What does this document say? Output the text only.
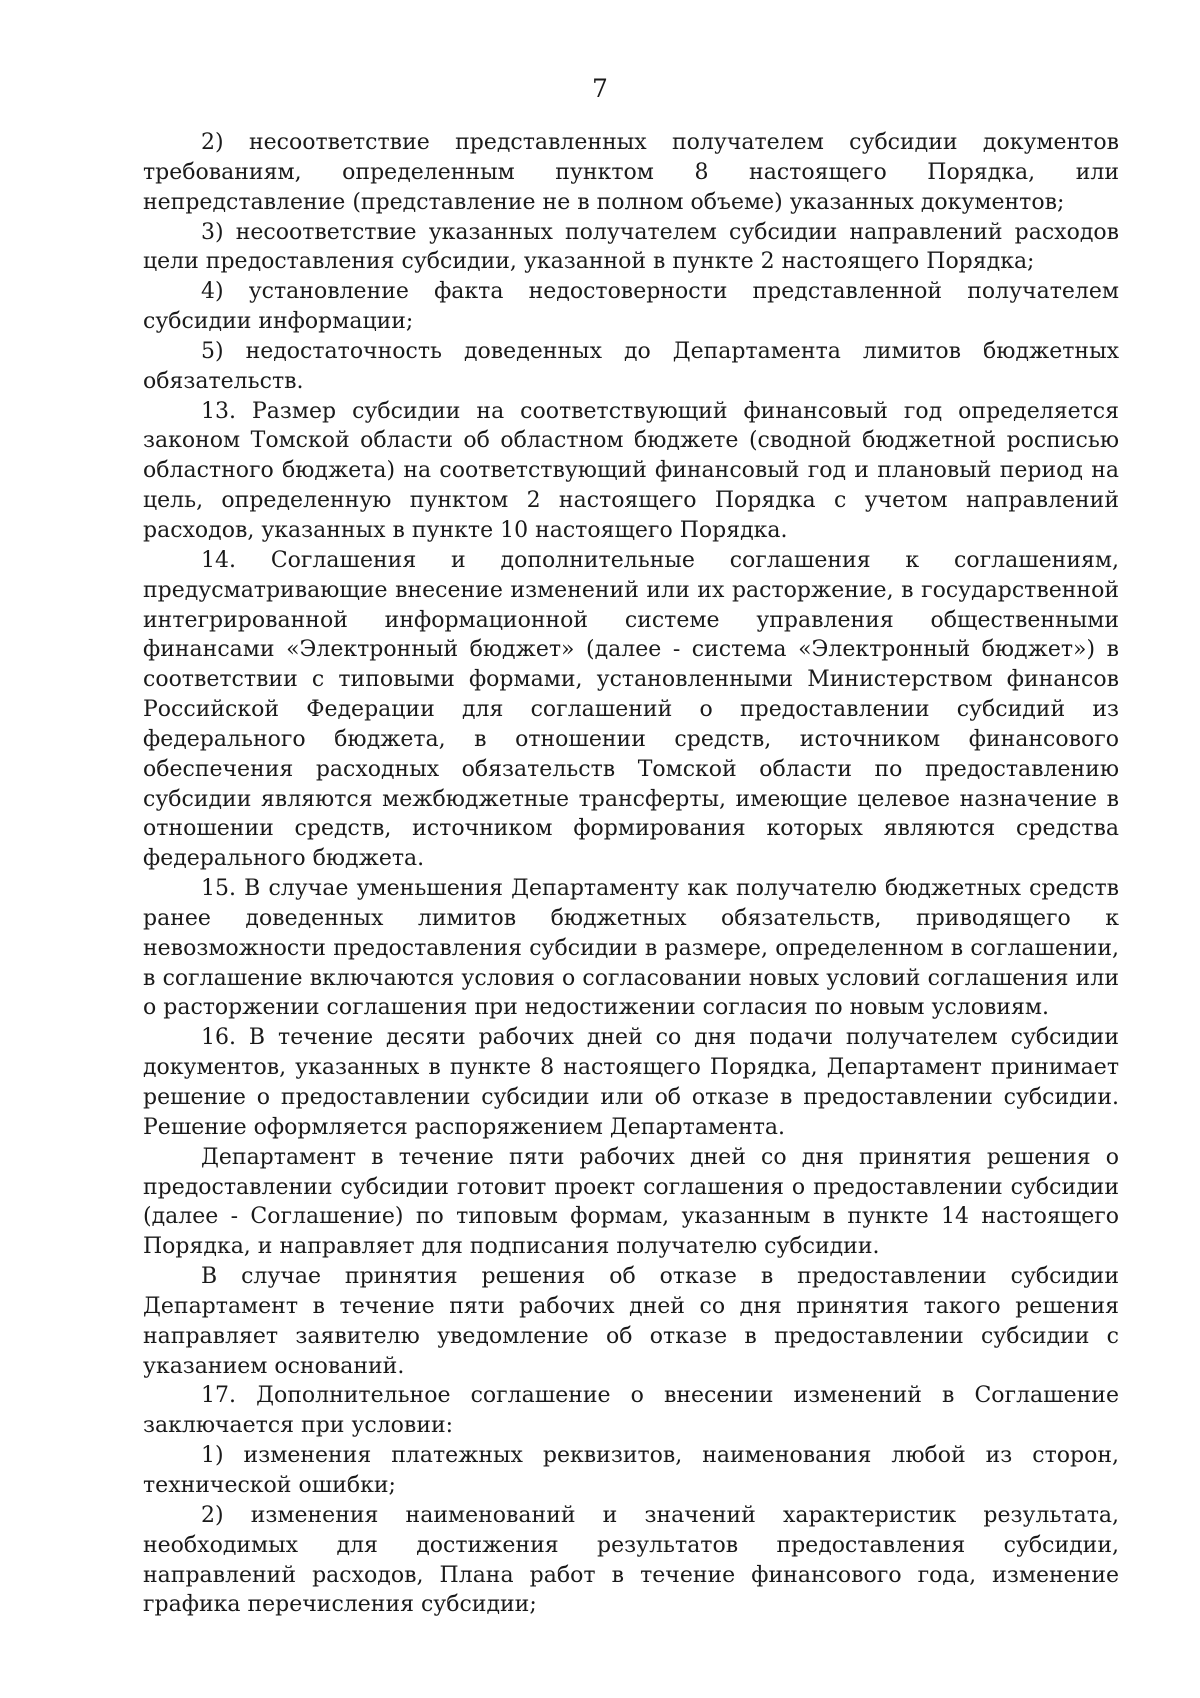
7

2) несоответствие представленных получателем субсидии документов требованиям, определенным пунктом 8 настоящего Порядка, или непредставление (представление не в полном объеме) указанных документов;

3) несоответствие указанных получателем субсидии направлений расходов цели предоставления субсидии, указанной в пункте 2 настоящего Порядка;

4) установление факта недостоверности представленной получателем субсидии информации;

5) недостаточность доведенных до Департамента лимитов бюджетных обязательств.

13. Размер субсидии на соответствующий финансовый год определяется законом Томской области об областном бюджете (сводной бюджетной росписью областного бюджета) на соответствующий финансовый год и плановый период на цель, определенную пунктом 2 настоящего Порядка с учетом направлений расходов, указанных в пункте 10 настоящего Порядка.

14. Соглашения и дополнительные соглашения к соглашениям, предусматривающие внесение изменений или их расторжение, в государственной интегрированной информационной системе управления общественными финансами «Электронный бюджет» (далее - система «Электронный бюджет») в соответствии с типовыми формами, установленными Министерством финансов Российской Федерации для соглашений о предоставлении субсидий из федерального бюджета, в отношении средств, источником финансового обеспечения расходных обязательств Томской области по предоставлению субсидии являются межбюджетные трансферты, имеющие целевое назначение в отношении средств, источником формирования которых являются средства федерального бюджета.

15. В случае уменьшения Департаменту как получателю бюджетных средств ранее доведенных лимитов бюджетных обязательств, приводящего к невозможности предоставления субсидии в размере, определенном в соглашении, в соглашение включаются условия о согласовании новых условий соглашения или о расторжении соглашения при недостижении согласия по новым условиям.

16. В течение десяти рабочих дней со дня подачи получателем субсидии документов, указанных в пункте 8 настоящего Порядка, Департамент принимает решение о предоставлении субсидии или об отказе в предоставлении субсидии. Решение оформляется распоряжением Департамента.

Департамент в течение пяти рабочих дней со дня принятия решения о предоставлении субсидии готовит проект соглашения о предоставлении субсидии (далее - Соглашение) по типовым формам, указанным в пункте 14 настоящего Порядка, и направляет для подписания получателю субсидии.

В случае принятия решения об отказе в предоставлении субсидии Департамент в течение пяти рабочих дней со дня принятия такого решения направляет заявителю уведомление об отказе в предоставлении субсидии с указанием оснований.

17. Дополнительное соглашение о внесении изменений в Соглашение заключается при условии:

1) изменения платежных реквизитов, наименования любой из сторон, технической ошибки;

2) изменения наименований и значений характеристик результата, необходимых для достижения результатов предоставления субсидии, направлений расходов, Плана работ в течение финансового года, изменение графика перечисления субсидии;
